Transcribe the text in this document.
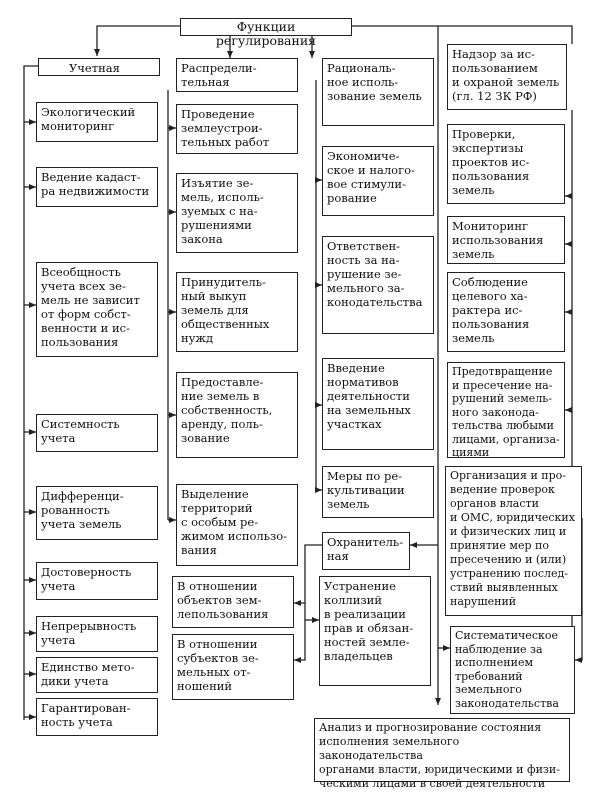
Функции регулирования
Учетная
Экологический
мониторинг
Ведение кадаст-
ра недвижимости
Всеобщность
учета всех зе-
мель не зависит
от форм собст-
венности и ис-
пользования
Системность
учета
Дифференци-
рованность
учета земель
Достоверность
учета
Непрерывность
учета
Единство мето-
дики учета
Гарантирован-
ность учета
Распредели-
тельная
Проведение
землеустрои-
тельных работ
Изъятие зе-
мель, исполь-
зуемых с на-
рушениями
закона
Принудитель-
ный выкуп
земель для
общественных
нужд
Предоставле-
ние земель в
собственность,
аренду, поль-
зование
Выделение
территорий
с особым ре-
жимом использо-
вания
В отношении
объектов зем-
лепользования
В отношении
субъектов зе-
мельных от-
ношений
Рациональ-
ное исполь-
зование земель
Экономиче-
ское и налого-
вое стимули-
рование
Ответствен-
ность за на-
рушение зе-
мельного за-
конодательства
Введение
нормативов
деятельности
на земельных
участках
Меры по ре-
культивации
земель
Охранитель-
ная
Устранение
коллизий
в реализации
прав и обязан-
ностей земле-
владельцев
Надзор за ис-
пользованием
и охраной земель
(гл. 12 ЗК РФ)
Проверки,
экспертизы
проектов ис-
пользования
земель
Мониторинг
использования
земель
Соблюдение
целевого ха-
рактера ис-
пользования
земель
Предотвращение
и пресечение на-
рушений земель-
ного законода-
тельства любыми
лицами, организа-
циями
Организация и про-
ведение проверок
органов власти
и ОМС, юридических
и физических лиц и
принятие мер по
пресечению и (или)
устранению послед-
ствий выявленных
нарушений
Систематическое
наблюдение за
исполнением
требований
земельного
законодательства
Анализ и прогнозирование состояния
исполнения земельного законодательства
органами власти, юридическими и физи-
ческими лицами в своей деятельности
